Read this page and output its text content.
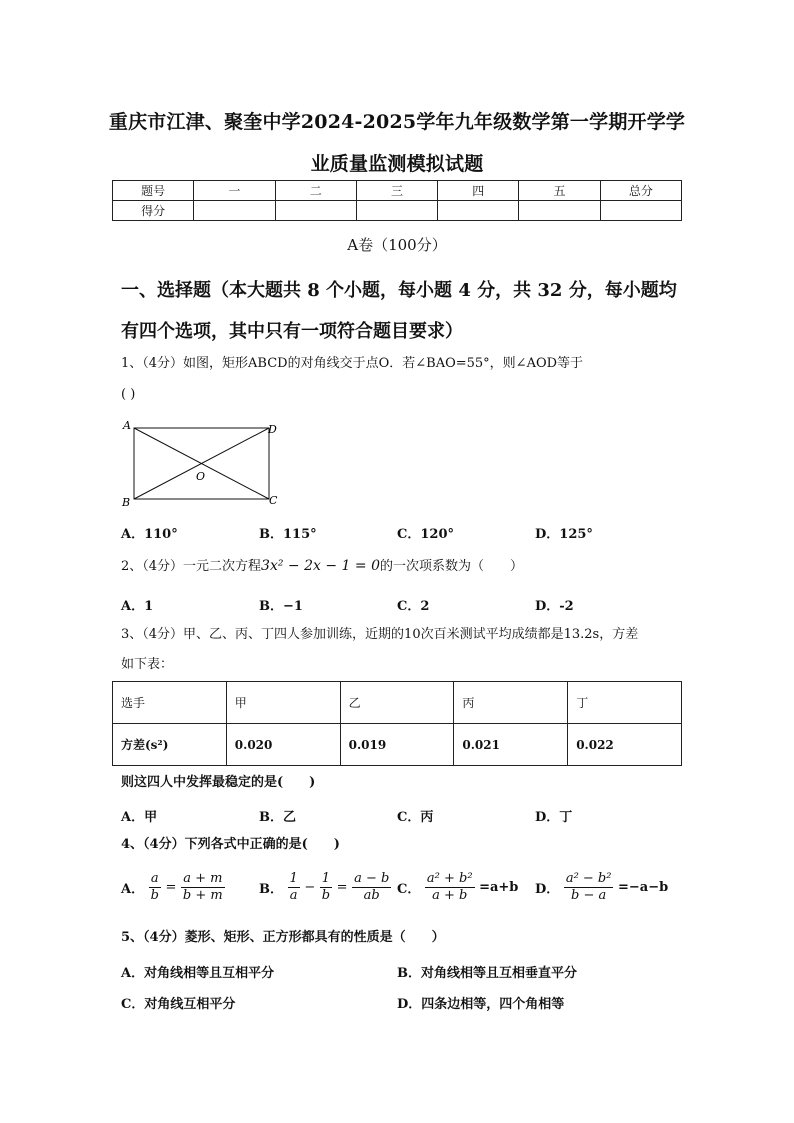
重庆市江津、聚奎中学2024-2025学年九年级数学第一学期开学学
业质量监测模拟试题
题号	一	二	三	四	五	总分
得分						
A卷（100分）
一、选择题（本大题共 8 个小题，每小题 4 分，共 32 分，每小题均
有四个选项，其中只有一项符合题目要求）
1、（4分）如图，矩形ABCD的对角线交于点O．若∠BAO=55°，则∠AOD等于
( )
A	D
B	C
O
A．110°	B．115°	C．120°	D．125°
2、（4分）一元二次方程3x² − 2x − 1 = 0的一次项系数为（　　）
A．1	B．−1	C．2	D．-2
3、（4分）甲、乙、丙、丁四人参加训练，近期的10次百米测试平均成绩都是13.2s，方差
如下表：
选手	甲	乙	丙	丁
方差(s²)	0.020	0.019	0.021	0.022
则这四人中发挥最稳定的是(　　)
A．甲	B．乙	C．丙	D．丁
4、（4分）下列各式中正确的是(　　)
A． $\frac{a}{b} = \frac{a + m}{b + m}$	B． $\frac{1}{a} - \frac{1}{b} = \frac{a - b}{ab}$ C． $\frac{\text{a² + b²}}{a + b} =a+b$ D． $\frac{\text{a² − b²}}{b - a} =-a-b$
5、（4分）菱形、矩形、正方形都具有的性质是（　　）
A．对角线相等且互相平分	B．对角线相等且互相垂直平分
C．对角线互相平分	D．四条边相等，四个角相等
